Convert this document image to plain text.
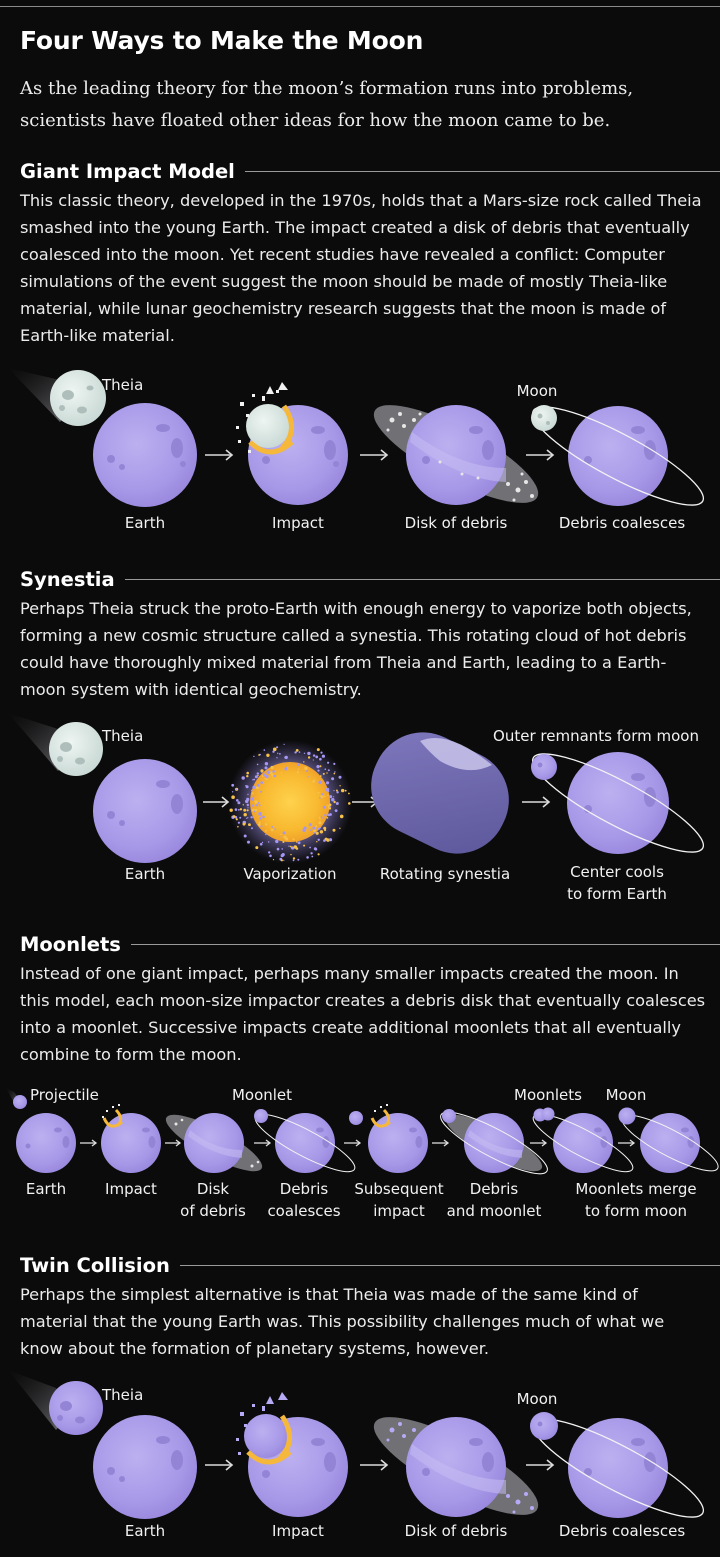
Four Ways to Make the Moon

As the leading theory for the moon’s formation runs into problems, scientists have floated other ideas for how the moon came to be.

Giant Impact Model

This classic theory, developed in the 1970s, holds that a Mars-size rock called Theia smashed into the young Earth. The impact created a disk of debris that eventually coalesced into the moon. Yet recent studies have revealed a conflict: Computer simulations of the event suggest the moon should be made of mostly Theia-like material, while lunar geochemistry research suggests that the moon is made of Earth-like material.

Theia
Earth	Impact	Disk of debris
Moon
Debris coalesces
Synestia

Perhaps Theia struck the proto-Earth with enough energy to vaporize both objects, forming a new cosmic structure called a synestia. This rotating cloud of hot debris could have thoroughly mixed material from Theia and Earth, leading to a Earth-moon system with identical geochemistry.

Theia
Earth	Vaporization	Rotating synestia
Outer remnants form moon
Center cools
to form Earth
Moonlets

Instead of one giant impact, perhaps many smaller impacts created the moon. In this model, each moon-size impactor creates a debris disk that eventually coalesces into a moonlet. Successive impacts create additional moonlets that all eventually combine to form the moon.

Projectile	Moonlet	Moonlets Moon
Earth	Impact	Disk
of debris
Debris
coalesces
Subsequent
impact
Debris
and moonlet
Moonlets merge
to form moon
Twin Collision

Perhaps the simplest alternative is that Theia was made of the same kind of material that the young Earth was. This possibility challenges much of what we know about the formation of planetary systems, however.

Theia
Earth	Impact	Disk of debris
Moon
Debris coalesces
